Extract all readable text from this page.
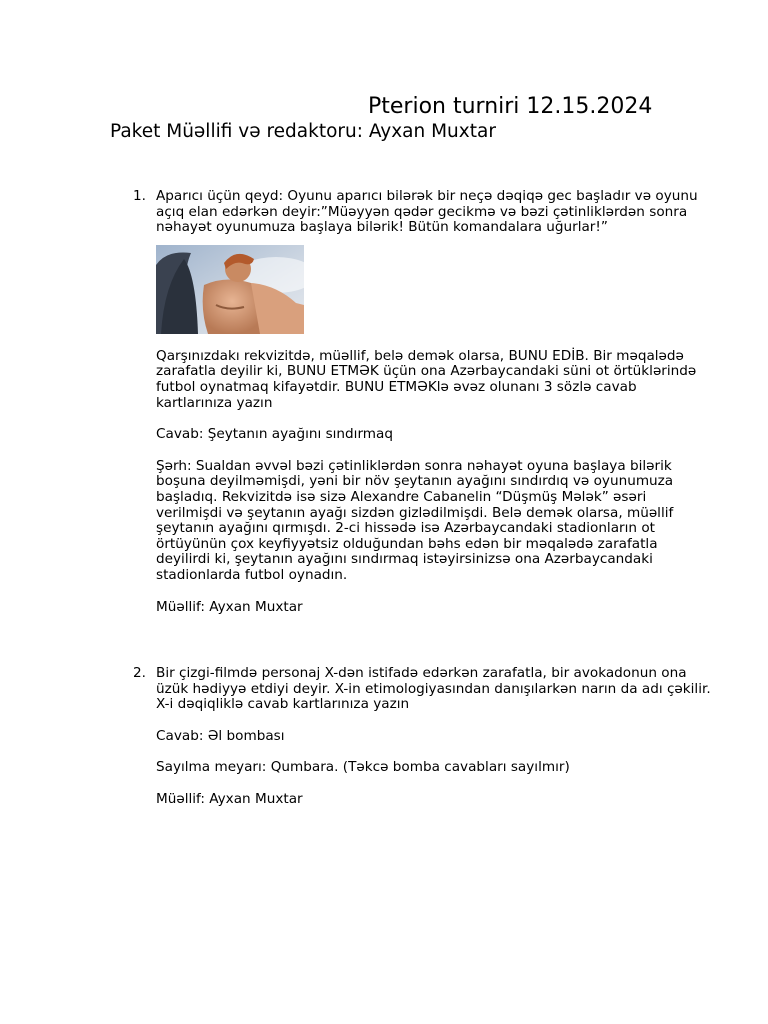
Pterion turniri 12.15.2024
Paket Müəllifi və redaktoru: Ayxan Muxtar
1. Aparıcı üçün qeyd: Oyunu aparıcı bilərək bir neçə dəqiqə gec başladır və oyunu açıq elan edərkən deyir:”Müəyyən qədər gecikmə və bəzi çətinliklərdən sonra nəhayət oyunumuza başlaya bilərik! Bütün komandalara uğurlar!”

Qarşınızdakı rekvizitdə, müəllif, belə demək olarsa, BUNU EDİB. Bir məqalədə zarafatla deyilir ki, BUNU ETMƏK üçün ona Azərbaycandaki süni ot örtüklərində futbol oynatmaq kifayətdir. BUNU ETMƏKlə əvəz olunanı 3 sözlə cavab kartlarınıza yazın

Cavab: Şeytanın ayağını sındırmaq

Şərh: Sualdan əvvəl bəzi çətinliklərdən sonra nəhayət oyuna başlaya bilərik boşuna deyilməmişdi, yəni bir növ şeytanın ayağını sındırdıq və oyunumuza başladıq. Rekvizitdə isə sizə Alexandre Cabanelin “Düşmüş Mələk” əsəri verilmişdi və şeytanın ayağı sizdən gizlədilmişdi. Belə demək olarsa, müəllif şeytanın ayağını qırmışdı. 2-ci hissədə isə Azərbaycandaki stadionların ot örtüyünün çox keyfiyyətsiz olduğundan bəhs edən bir məqalədə zarafatla deyilirdi ki, şeytanın ayağını sındırmaq istəyirsinizsə ona Azərbaycandaki stadionlarda futbol oynadın.

Müəllif: Ayxan Muxtar

2. Bir çizgi-filmdə personaj X-dən istifadə edərkən zarafatla, bir avokadonun ona üzük hədiyyə etdiyi deyir. X-in etimologiyasından danışılarkən narın da adı çəkilir. X-i dəqiqliklə cavab kartlarınıza yazın

Cavab: Əl bombası

Sayılma meyarı: Qumbara. (Təkcə bomba cavabları sayılmır)

Müəllif: Ayxan Muxtar
